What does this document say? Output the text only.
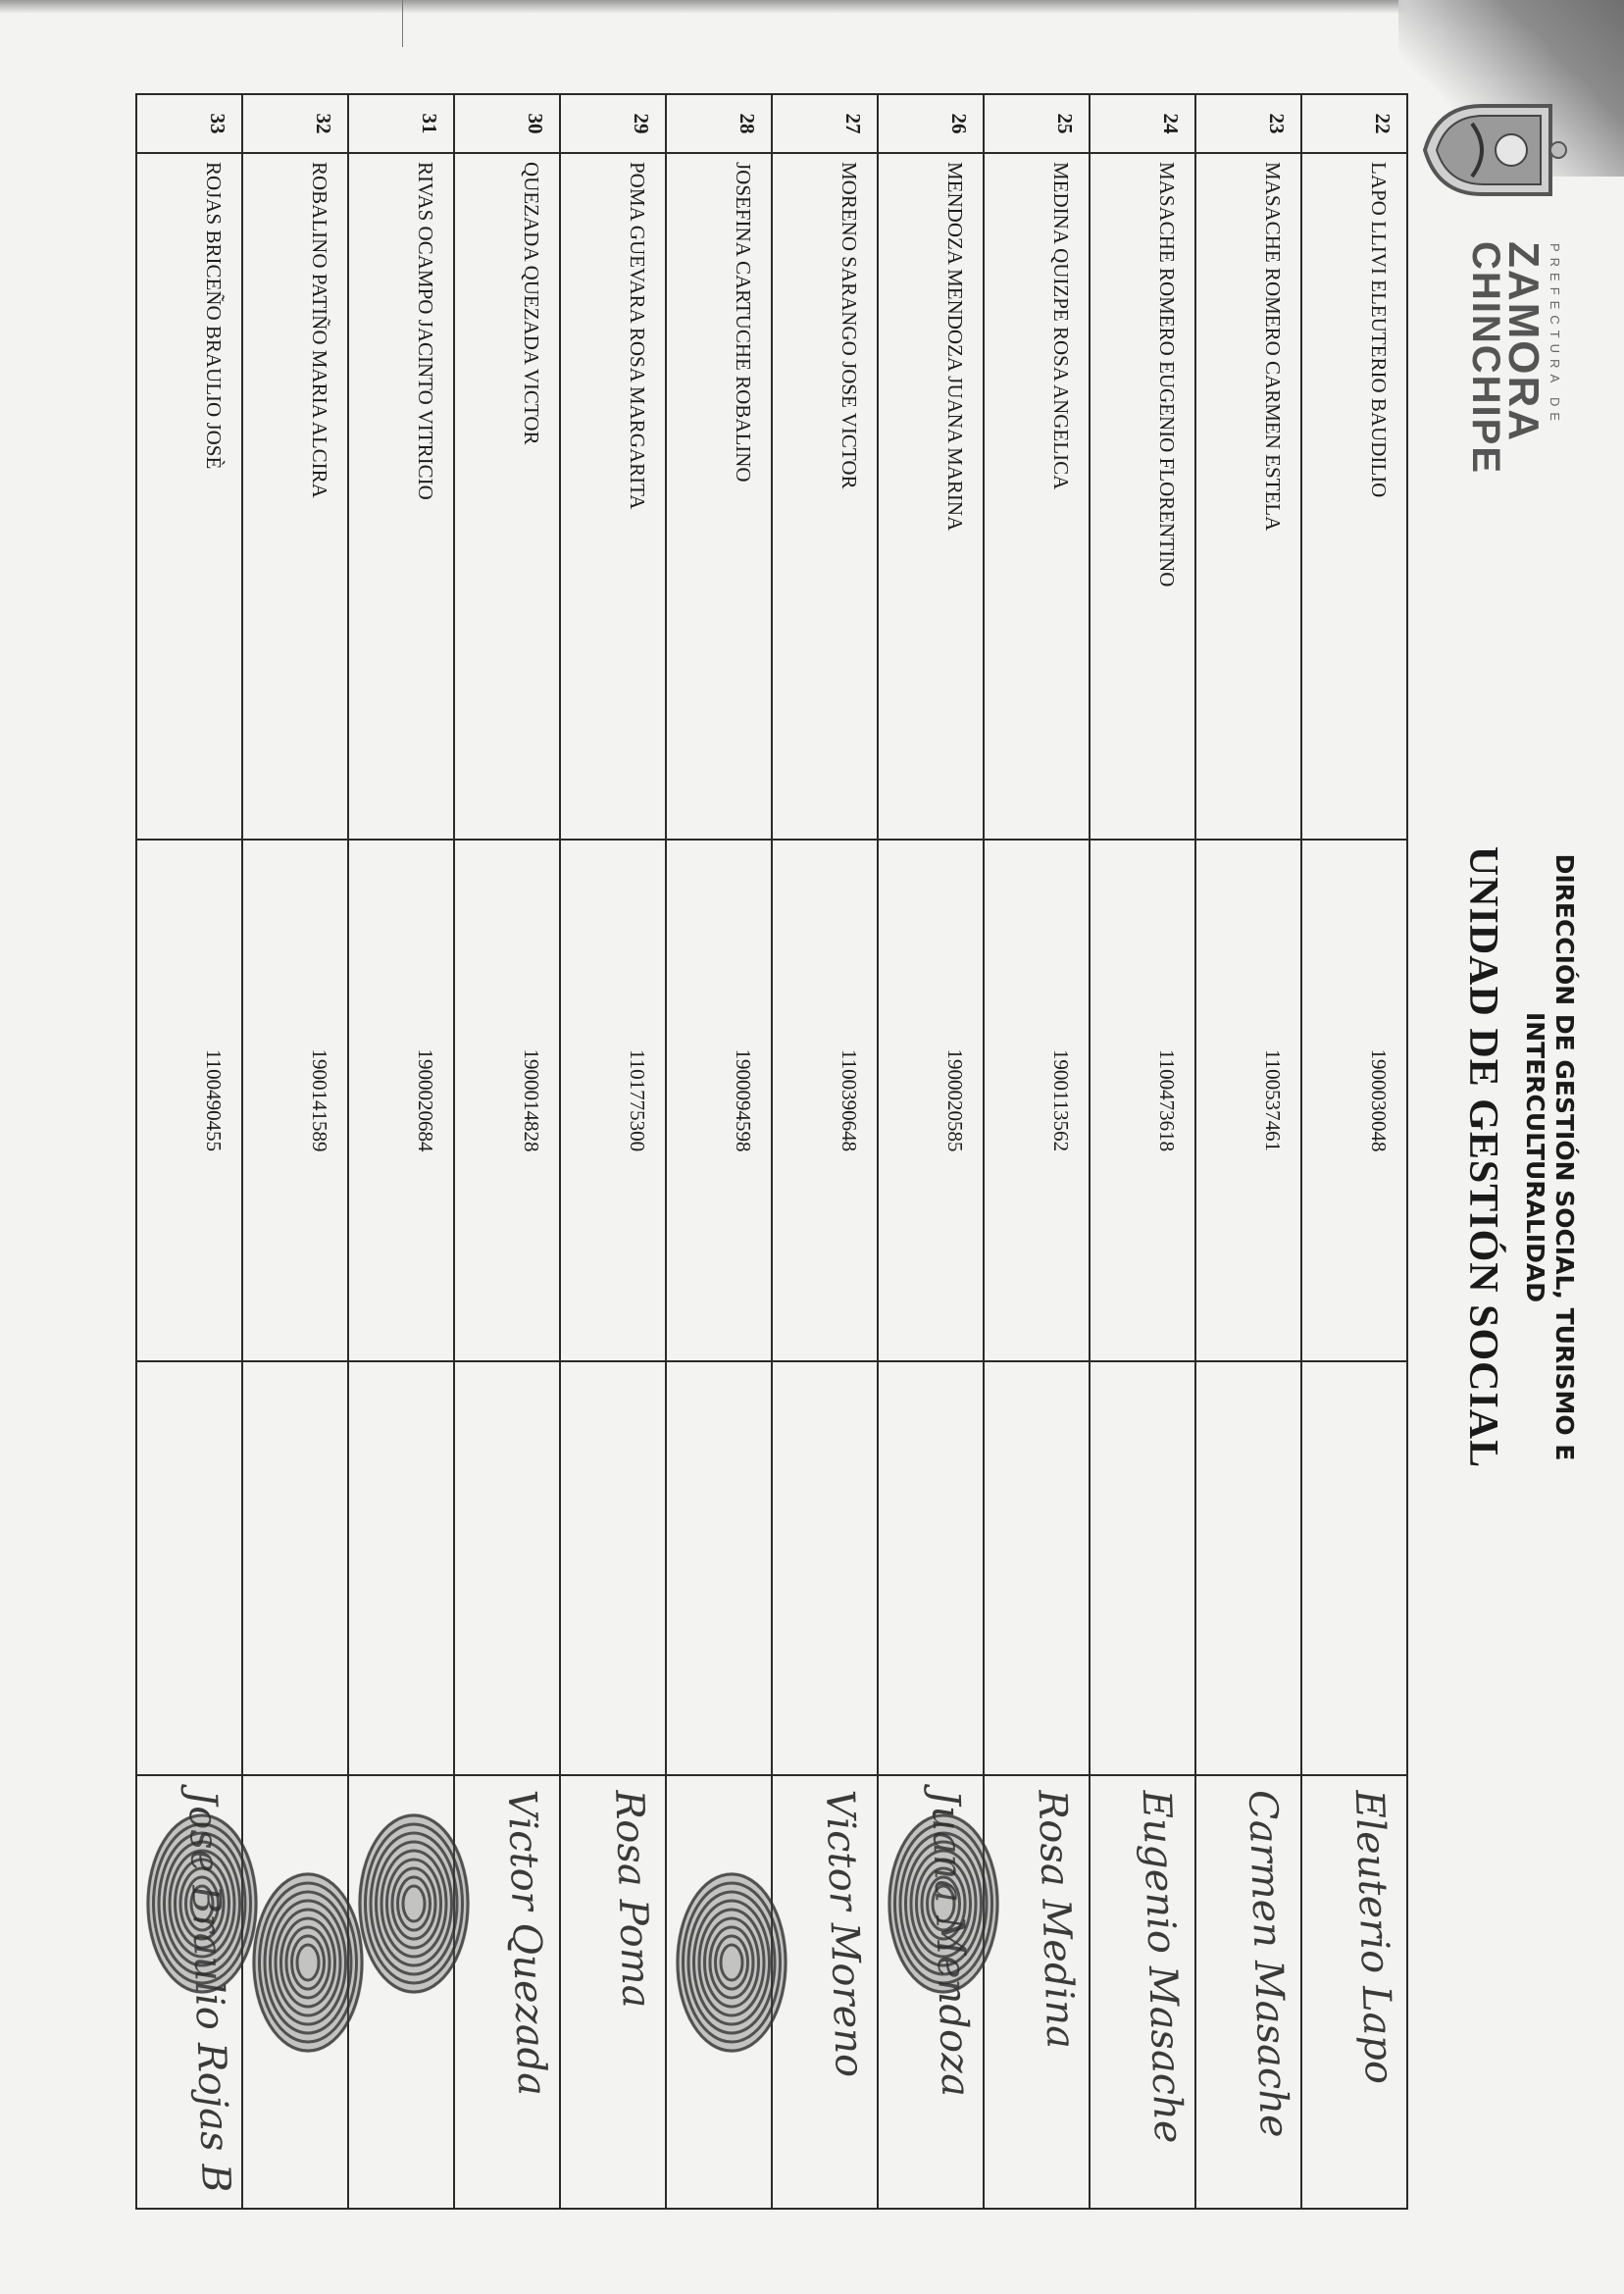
PREFECTURA DE
ZAMORA
CHINCHIPE
DIRECCIÓN DE GESTIÓN SOCIAL, TURISMO E
INTERCULTURALIDAD
UNIDAD DE GESTIÓN SOCIAL
22	LAPO LLIVI ELEUTERIO BAUDILIO	1900030048		Eleuterio Lapo

23	MASACHE ROMERO CARMEN ESTELA	1100537461		Carmen Masache

24	MASACHE ROMERO EUGENIO FLORENTINO	1100473618		Eugenio Masache

25	MEDINA QUIZPE ROSA ANGELICA	1900113562		Rosa Medina

26	MENDOZA MENDOZA JUANA MARINA	1900020585		Juana Mendoza

27	MORENO SARANGO JOSE VICTOR	1100390648		Victor Moreno

28	JOSEFINA CARTUCHE ROBALINO	1900094598		

29	POMA GUEVARA ROSA MARGARITA	1101775300		Rosa Poma

30	QUEZADA QUEZADA VICTOR	1900014828		Victor Quezada

31	RIVAS OCAMPO JACINTO VITRICIO	1900020684		

32	ROBALINO PATIÑO MARIA ALCIRA	1900141589		

33	ROJAS BRICEÑO BRAULIO JOSÈ	1100490455		Jose Braulio Rojas B
